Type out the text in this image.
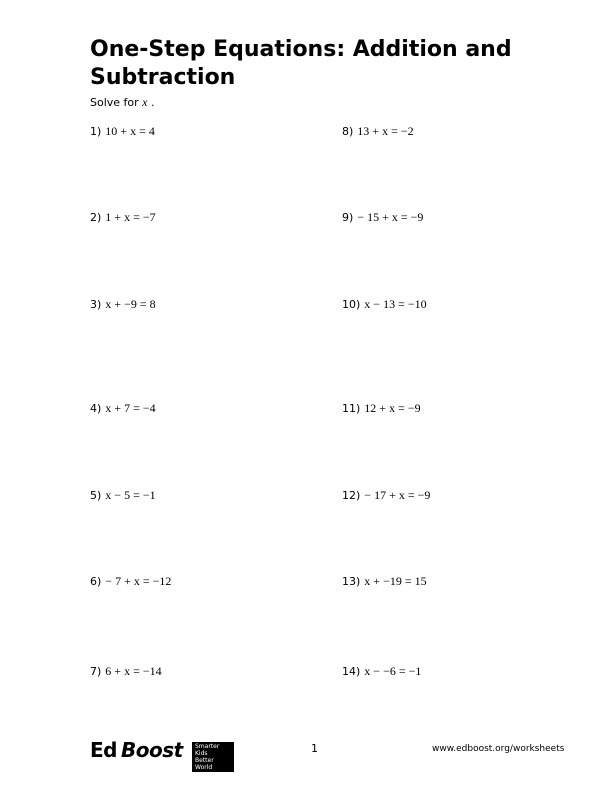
One-Step Equations: Addition and Subtraction
Solve for x .
1) 10 + x = 4
2) 1 + x = −7
3) x + −9 = 8
4) x + 7 = −4
5) x − 5 = −1
6) − 7 + x = −12
7) 6 + x = −14
8) 13 + x = −2
9) − 15 + x = −9
10) x − 13 = −10
11) 12 + x = −9
12) − 17 + x = −9
13) x + −19 = 15
14) x − −6 = −1
Ed Boost Smarter Kids
Better World
1	www.edboost.org/worksheets
